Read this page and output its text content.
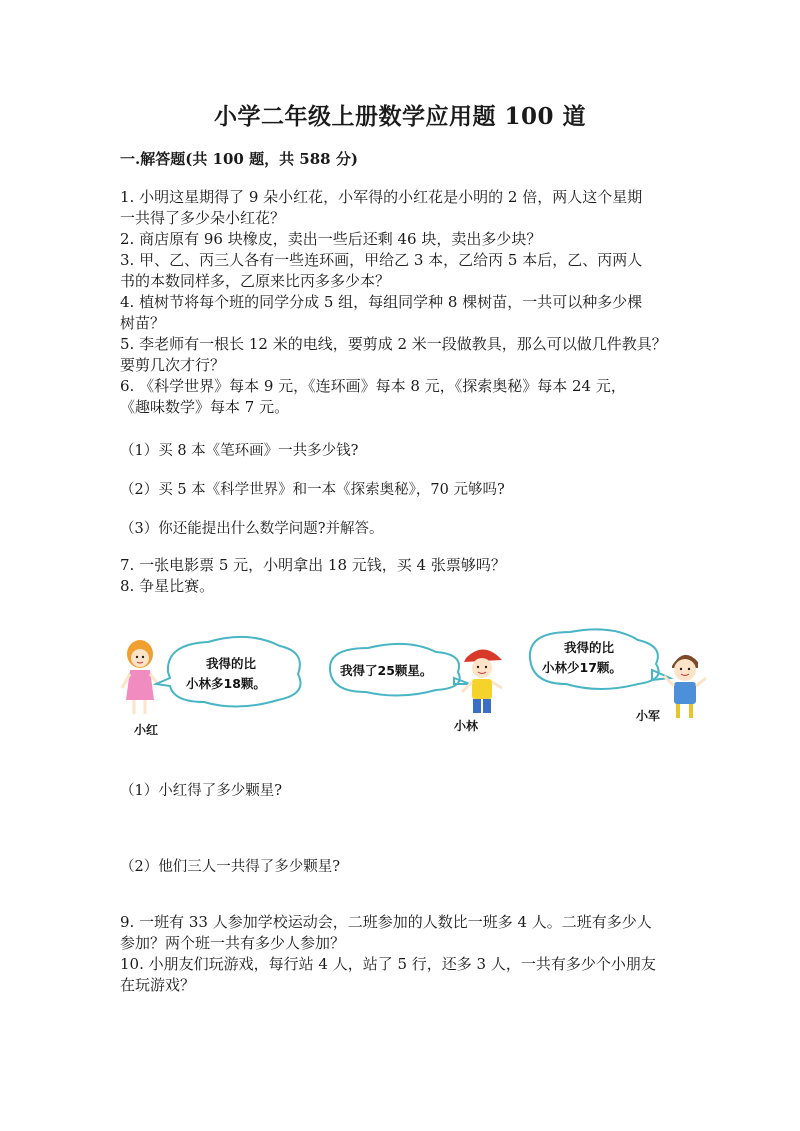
小学二年级上册数学应用题 100 道
一.解答题(共 100 题，共 588 分)
1. 小明这星期得了 9 朵小红花，小军得的小红花是小明的 2 倍，两人这个星期
一共得了多少朵小红花？
2. 商店原有 96 块橡皮，卖出一些后还剩 46 块，卖出多少块？
3. 甲、乙、丙三人各有一些连环画，甲给乙 3 本，乙给丙 5 本后，乙、丙两人
书的本数同样多，乙原来比丙多多少本？
4. 植树节将每个班的同学分成 5 组，每组同学种 8 棵树苗，一共可以种多少棵
树苗？
5. 李老师有一根长 12 米的电线，要剪成 2 米一段做教具，那么可以做几件教具？
要剪几次才行？
6. 《科学世界》每本 9 元，《连环画》每本 8 元，《探索奥秘》每本 24 元，
《趣味数学》每本 7 元。
（1）买 8 本《笔环画》一共多少钱?
（2）买 5 本《科学世界》和一本《探索奥秘》，70 元够吗?
（3）你还能提出什么数学问题?并解答。
7. 一张电影票 5 元，小明拿出 18 元钱，买 4 张票够吗？
8. 争星比赛。
小红
我得的比
小林多18颗。
我得了25颗星。
小林
我得的比
小林少17颗。
小军
（1）小红得了多少颗星?
（2）他们三人一共得了多少颗星?
9. 一班有 33 人参加学校运动会，二班参加的人数比一班多 4 人。二班有多少人
参加？两个班一共有多少人参加？
10. 小朋友们玩游戏，每行站 4 人，站了 5 行，还多 3 人，一共有多少个小朋友
在玩游戏？
